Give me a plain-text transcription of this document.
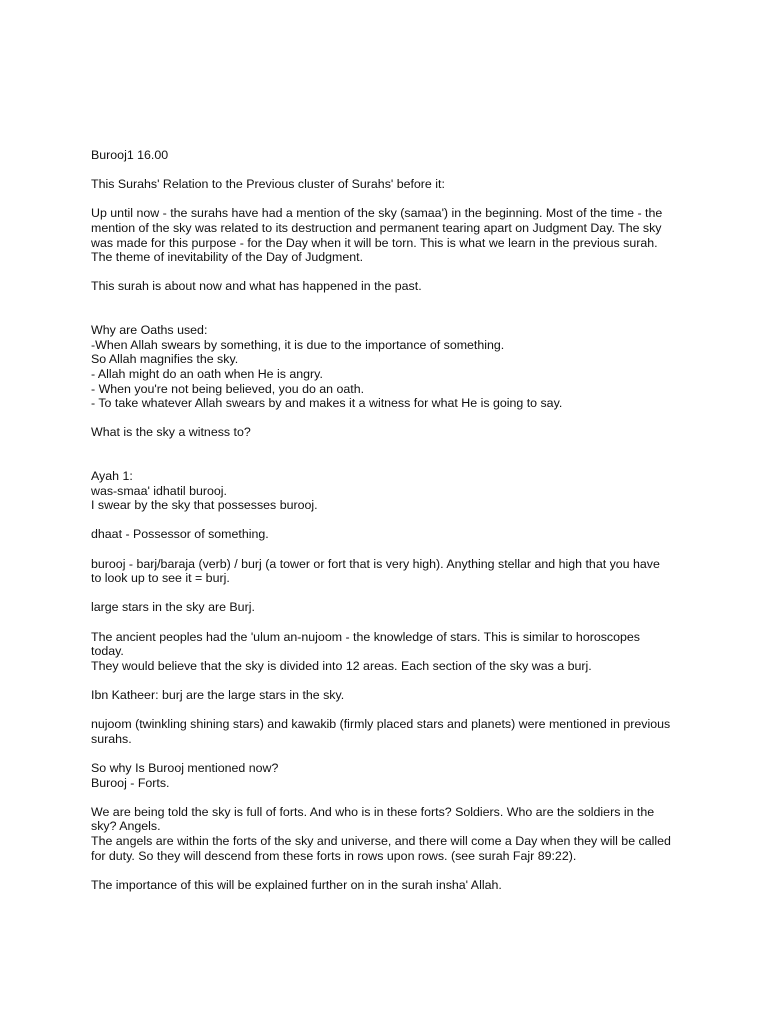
Burooj1 16.00

This Surahs' Relation to the Previous cluster of Surahs' before it:

Up until now - the surahs have had a mention of the sky (samaa') in the beginning. Most of the time - the
mention of the sky was related to its destruction and permanent tearing apart on Judgment Day. The sky
was made for this purpose - for the Day when it will be torn. This is what we learn in the previous surah.
The theme of inevitability of the Day of Judgment.

This surah is about now and what has happened in the past.

Why are Oaths used:
-When Allah swears by something, it is due to the importance of something.
So Allah magnifies the sky.
- Allah might do an oath when He is angry.
- When you're not being believed, you do an oath.
- To take whatever Allah swears by and makes it a witness for what He is going to say.

What is the sky a witness to?

Ayah 1:
was-smaa' idhatil burooj.
I swear by the sky that possesses burooj.

dhaat - Possessor of something.

burooj - barj/baraja (verb) / burj (a tower or fort that is very high). Anything stellar and high that you have
to look up to see it = burj.

large stars in the sky are Burj.

The ancient peoples had the 'ulum an-nujoom - the knowledge of stars. This is similar to horoscopes
today.
They would believe that the sky is divided into 12 areas. Each section of the sky was a burj.

Ibn Katheer: burj are the large stars in the sky.

nujoom (twinkling shining stars) and kawakib (firmly placed stars and planets) were mentioned in previous
surahs.

So why Is Burooj mentioned now?
Burooj - Forts.

We are being told the sky is full of forts. And who is in these forts? Soldiers. Who are the soldiers in the
sky? Angels.
The angels are within the forts of the sky and universe, and there will come a Day when they will be called
for duty. So they will descend from these forts in rows upon rows. (see surah Fajr 89:22).

The importance of this will be explained further on in the surah insha' Allah.
